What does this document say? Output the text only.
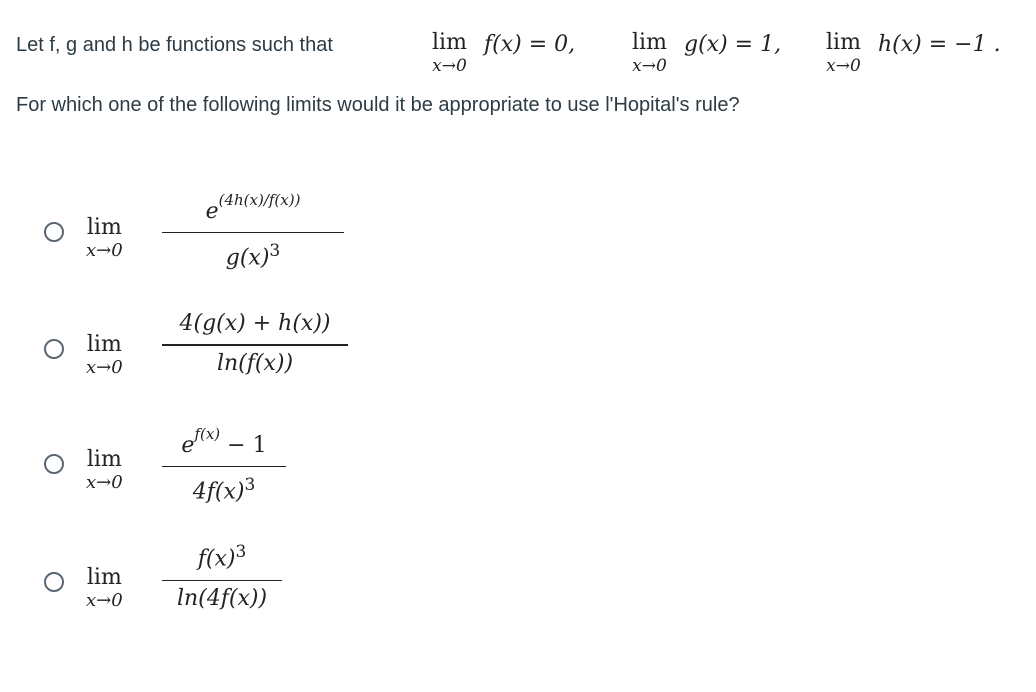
Let f, g and h be functions such that	lim
x→0
f(x) = 0,	lim
x→0
g(x) = 1, lim
x→0
h(x) = −1 .
For which one of the following limits would it be appropriate to use l'Hopital's rule?
lim
x→0
$e^{(4h(x)/f(x))}$
$g(x)^3$
lim
x→0
4(g(x) + h(x))
ln(f(x))
lim
x→0
$e^{f(x)} - 1$
$4f(x)^3$
lim
x→0
$f(x)^3$
ln(4f(x))
